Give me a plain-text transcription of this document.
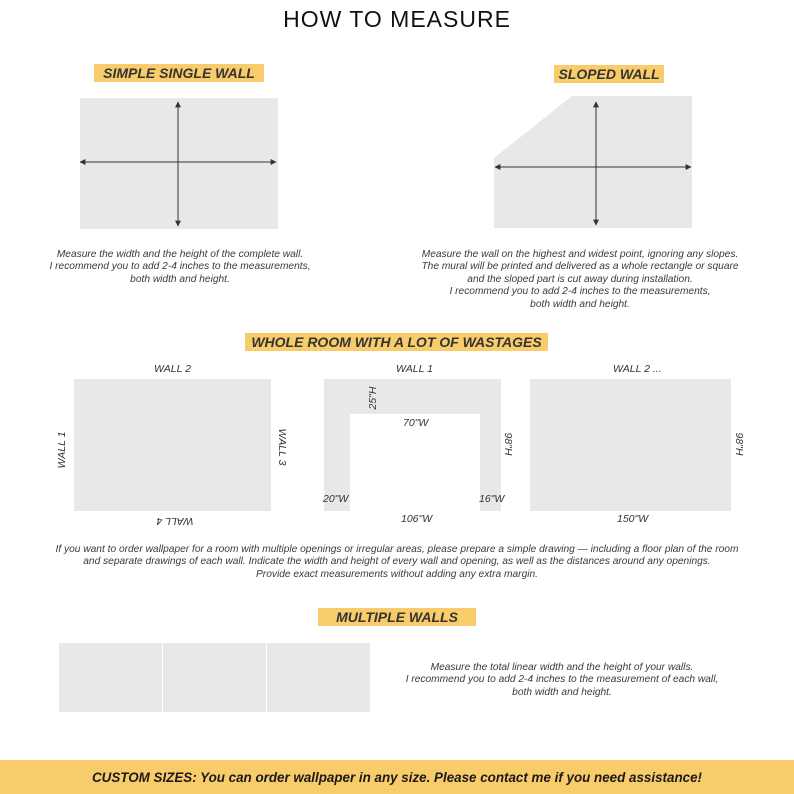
HOW TO MEASURE
SIMPLE SINGLE WALL
Measure the width and the height of the complete wall.
I recommend you to add 2-4 inches to the measurements,
both width and height.
SLOPED WALL
Measure the wall on the highest and widest point, ignoring any slopes.
The mural will be printed and delivered as a whole rectangle or square
and the sloped part is cut away during installation.
I recommend you to add 2-4 inches to the measurements,
both width and height.
WHOLE ROOM WITH A LOT OF WASTAGES
WALL 2
WALL 1	WALL 3
WALL 4
WALL 1
25"H
70"W
98"H
20"W	16"W
106"W
WALL 2 ...
98"H
150"W
If you want to order wallpaper for a room with multiple openings or irregular areas, please prepare a simple drawing — including a floor plan of the room
and separate drawings of each wall. Indicate the width and height of every wall and opening, as well as the distances around any openings.
Provide exact measurements without adding any extra margin.
MULTIPLE WALLS
Measure the total linear width and the height of your walls.
I recommend you to add 2-4 inches to the measurement of each wall,
both width and height.
CUSTOM SIZES: You can order wallpaper in any size. Please contact me if you need assistance!
